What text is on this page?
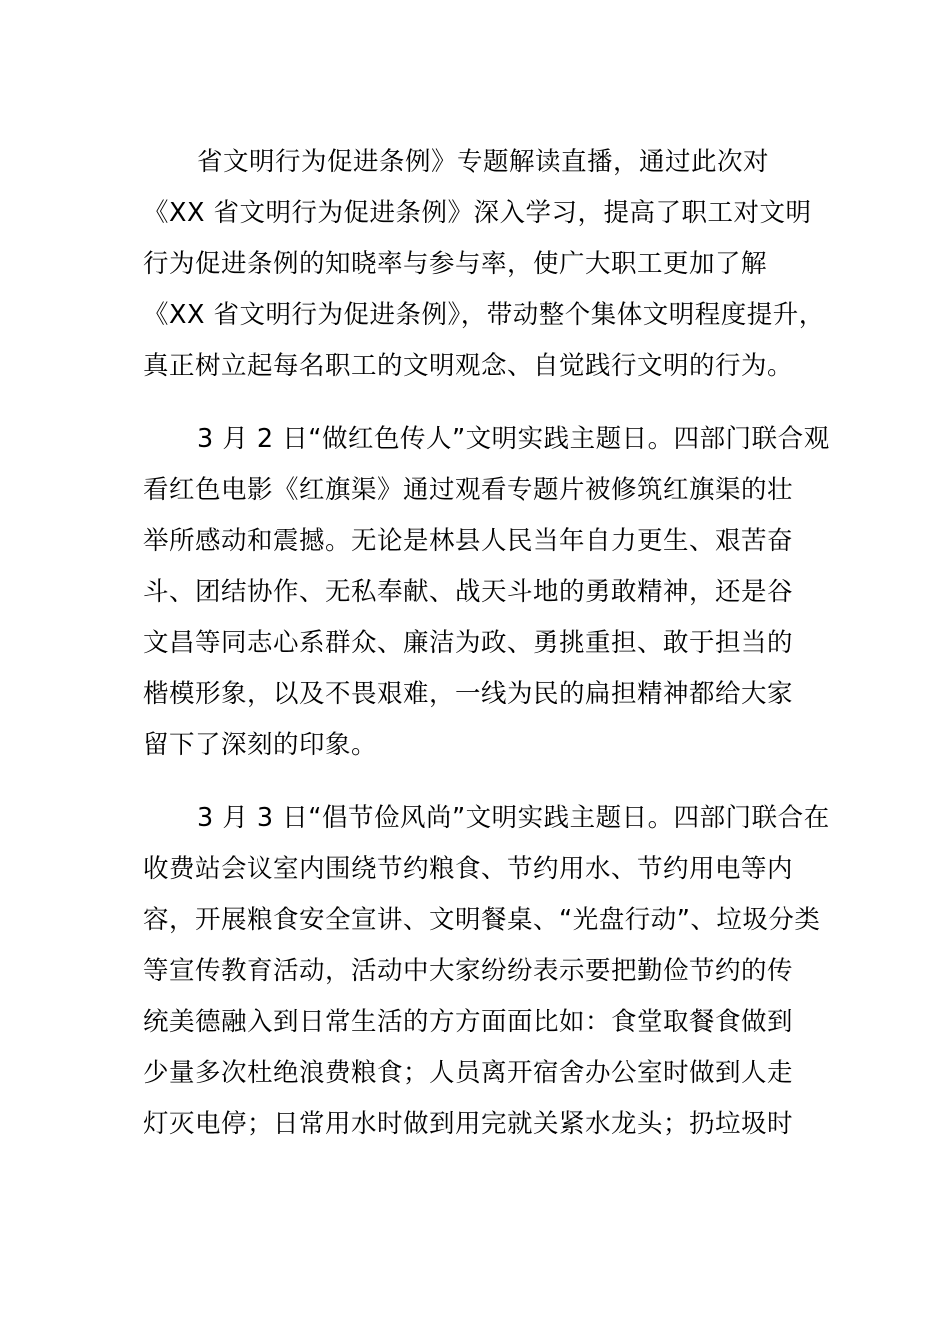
省文明行为促进条例》专题解读直播，通过此次对
《XX 省文明行为促进条例》深入学习，提高了职工对文明
行为促进条例的知晓率与参与率，使广大职工更加了解
《XX 省文明行为促进条例》，带动整个集体文明程度提升，
真正树立起每名职工的文明观念、自觉践行文明的行为。

3 月 2 日“做红色传人”文明实践主题日。四部门联合观
看红色电影《红旗渠》通过观看专题片被修筑红旗渠的壮
举所感动和震撼。无论是林县人民当年自力更生、艰苦奋
斗、团结协作、无私奉献、战天斗地的勇敢精神，还是谷
文昌等同志心系群众、廉洁为政、勇挑重担、敢于担当的
楷模形象，以及不畏艰难，一线为民的扁担精神都给大家
留下了深刻的印象。

3 月 3 日“倡节俭风尚”文明实践主题日。四部门联合在
收费站会议室内围绕节约粮食、节约用水、节约用电等内
容，开展粮食安全宣讲、文明餐桌、“光盘行动”、垃圾分类
等宣传教育活动，活动中大家纷纷表示要把勤俭节约的传
统美德融入到日常生活的方方面面比如：食堂取餐食做到
少量多次杜绝浪费粮食；人员离开宿舍办公室时做到人走
灯灭电停；日常用水时做到用完就关紧水龙头；扔垃圾时
